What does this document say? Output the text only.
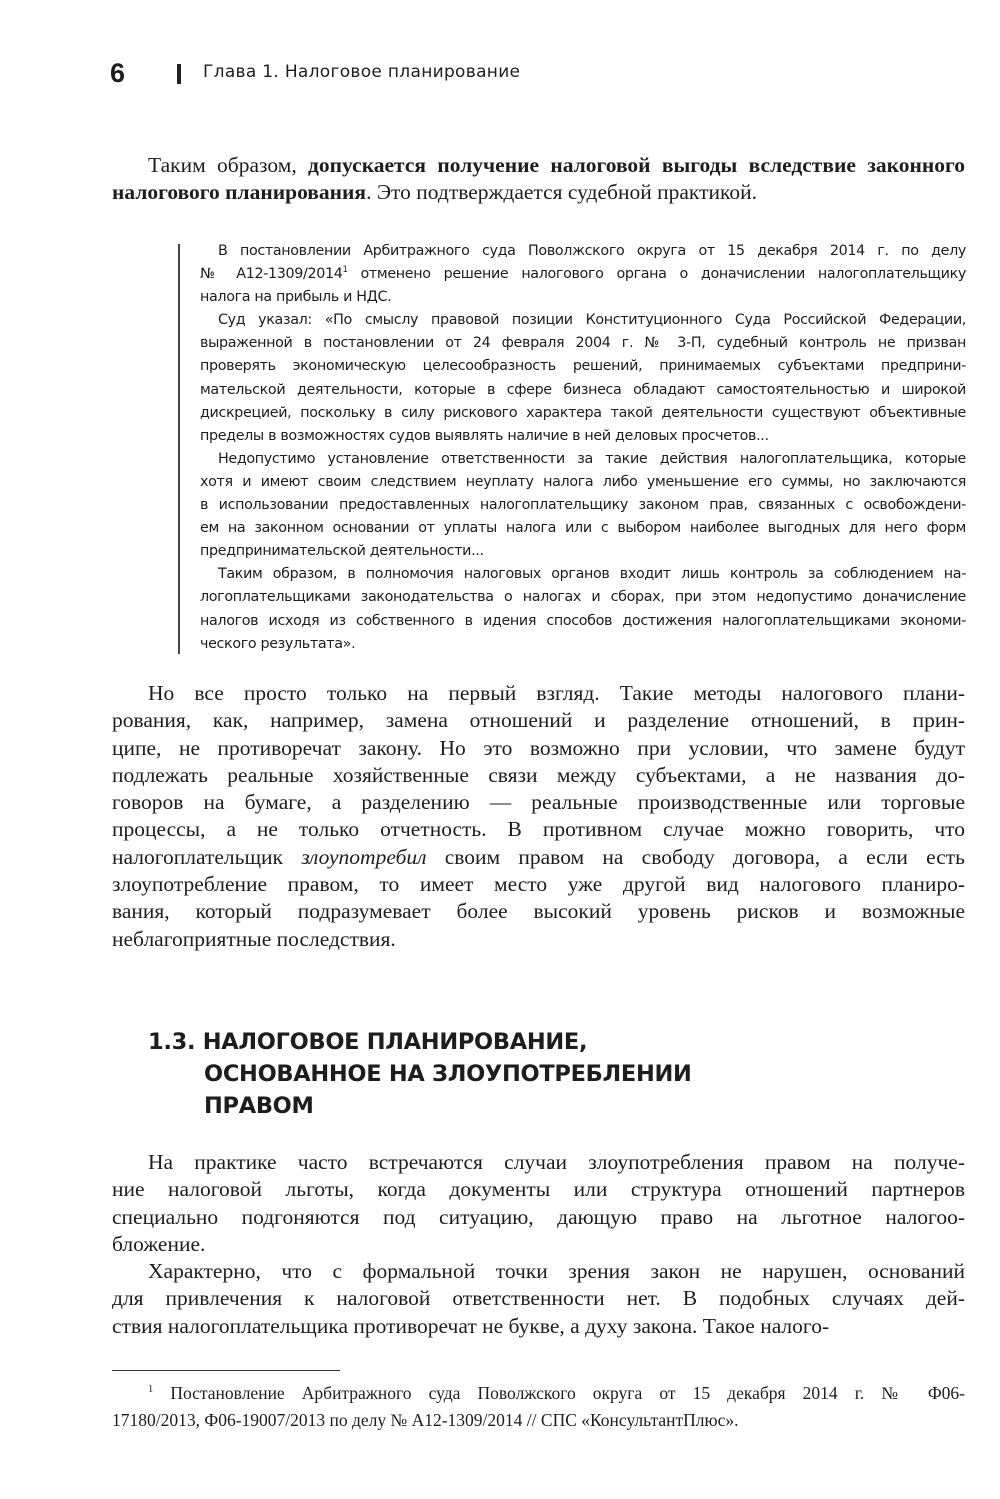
6	Глава 1. Налоговое планирование
Таким образом, допускается получение налоговой выгоды вследствие законного
налогового планирования. Это подтверждается судебной практикой.
В постановлении Арбитражного суда Поволжского округа от 15 декабря 2014 г. по делу
№ А12-1309/2014$^1$ отменено решение налогового органа о доначислении налогоплательщику
налога на прибыль и НДС.
Суд указал: «По смыслу правовой позиции Конституционного Суда Российской Федерации,
выраженной в постановлении от 24 февраля 2004 г. № 3-П, судебный контроль не призван
проверять экономическую целесообразность решений, принимаемых субъектами предприни-
мательской деятельности, которые в сфере бизнеса обладают самостоятельностью и широкой
дискрецией, поскольку в силу рискового характера такой деятельности существуют объективные
пределы в возможностях судов выявлять наличие в ней деловых просчетов...
Недопустимо установление ответственности за такие действия налогоплательщика, которые
хотя и имеют своим следствием неуплату налога либо уменьшение его суммы, но заключаются
в использовании предоставленных налогоплательщику законом прав, связанных с освобождени-
ем на законном основании от уплаты налога или с выбором наиболее выгодных для него форм
предпринимательской деятельности...
Таким образом, в полномочия налоговых органов входит лишь контроль за соблюдением на-
логоплательщиками законодательства о налогах и сборах, при этом недопустимо доначисление
налогов исходя из собственного в идения способов достижения налогоплательщиками экономи-
ческого результата».
Но все просто только на первый взгляд. Такие методы налогового плани-
рования, как, например, замена отношений и разделение отношений, в прин-
ципе, не противоречат закону. Но это возможно при условии, что замене будут
подлежать реальные хозяйственные связи между субъектами, а не названия до-
говоров на бумаге, а разделению — реальные производственные или торговые
процессы, а не только отчетность. В противном случае можно говорить, что
налогоплательщик злоупотребил своим правом на свободу договора, а если есть
злоупотребление правом, то имеет место уже другой вид налогового планиро-
вания, который подразумевает более высокий уровень рисков и возможные
неблагоприятные последствия.
1.3. НАЛОГОВОЕ ПЛАНИРОВАНИЕ,
ОСНОВАННОЕ НА ЗЛОУПОТРЕБЛЕНИИ
ПРАВОМ
На практике часто встречаются случаи злоупотребления правом на получе-
ние налоговой льготы, когда документы или структура отношений партнеров
специально подгоняются под ситуацию, дающую право на льготное налогоо-
бложение.
Характерно, что с формальной точки зрения закон не нарушен, оснований
для привлечения к налоговой ответственности нет. В подобных случаях дей-
ствия налогоплательщика противоречат не букве, а духу закона. Такое налого-
$^1$ Постановление Арбитражного суда Поволжского округа от 15 декабря 2014 г. № Ф06-
17180/2013, Ф06-19007/2013 по делу № А12-1309/2014 // СПС «КонсультантПлюс».
